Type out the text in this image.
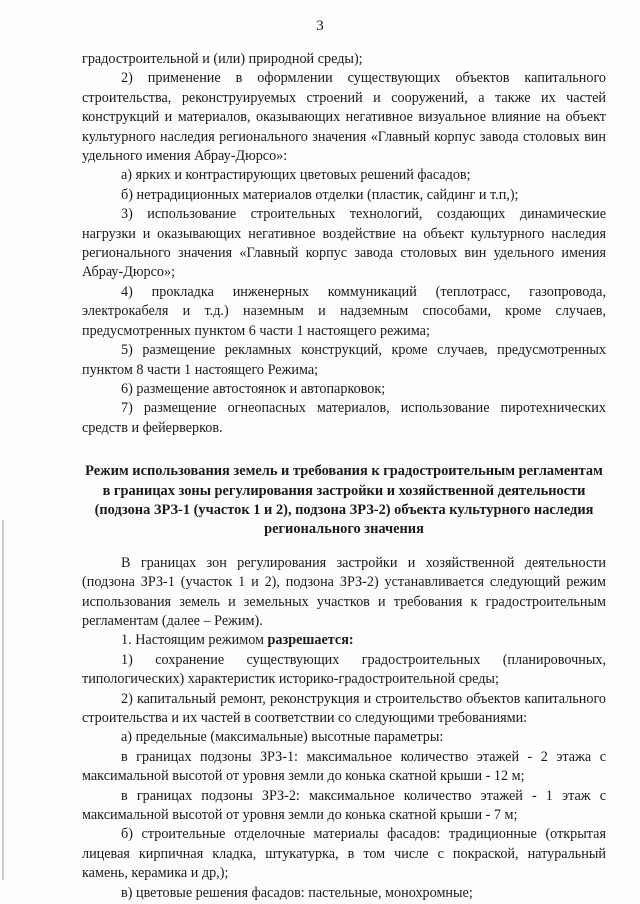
3

градостроительной и (или) природной среды);

2) применение в оформлении существующих объектов капитального строительства, реконструируемых строений и сооружений, а также их частей конструкций и материалов, оказывающих негативное визуальное влияние на объект культурного наследия регионального значения «Главный корпус завода столовых вин удельного имения Абрау-Дюрсо»:

а) ярких и контрастирующих цветовых решений фасадов;

б) нетрадиционных материалов отделки (пластик, сайдинг и т.п,);

3) использование строительных технологий, создающих динамические нагрузки и оказывающих негативное воздействие на объект культурного наследия регионального значения «Главный корпус завода столовых вин удельного имения Абрау-Дюрсо»;

4) прокладка инженерных коммуникаций (теплотрасс, газопровода, электрокабеля и т.д.) наземным и надземным способами, кроме случаев, предусмотренных пунктом 6 части 1 настоящего режима;

5) размещение рекламных конструкций, кроме случаев, предусмотренных пунктом 8 части 1 настоящего Режима;

6) размещение автостоянок и автопарковок;

7) размещение огнеопасных материалов, использование пиротехнических средств и фейерверков.

Режим использования земель и требования к градостроительным регламентам в границах зоны регулирования застройки и хозяйственной деятельности (подзона ЗРЗ-1 (участок 1 и 2), подзона ЗРЗ-2) объекта культурного наследия регионального значения

В границах зон регулирования застройки и хозяйственной деятельности (подзона ЗРЗ-1 (участок 1 и 2), подзона ЗРЗ-2) устанавливается следующий режим использования земель и земельных участков и требования к градостроительным регламентам (далее – Режим).

1. Настоящим режимом разрешается:

1) сохранение существующих градостроительных (планировочных, типологических) характеристик историко-градостроительной среды;

2) капитальный ремонт, реконструкция и строительство объектов капитального строительства и их частей в соответствии со следующими требованиями:

а) предельные (максимальные) высотные параметры:

в границах подзоны ЗРЗ-1: максимальное количество этажей - 2 этажа с максимальной высотой от уровня земли до конька скатной крыши - 12 м;

в границах подзоны ЗРЗ-2: максимальное количество этажей - 1 этаж с максимальной высотой от уровня земли до конька скатной крыши - 7 м;

б) строительные отделочные материалы фасадов: традиционные (открытая лицевая кирпичная кладка, штукатурка, в том числе с покраской, натуральный камень, керамика и др,);

в) цветовые решения фасадов: пастельные, монохромные;
